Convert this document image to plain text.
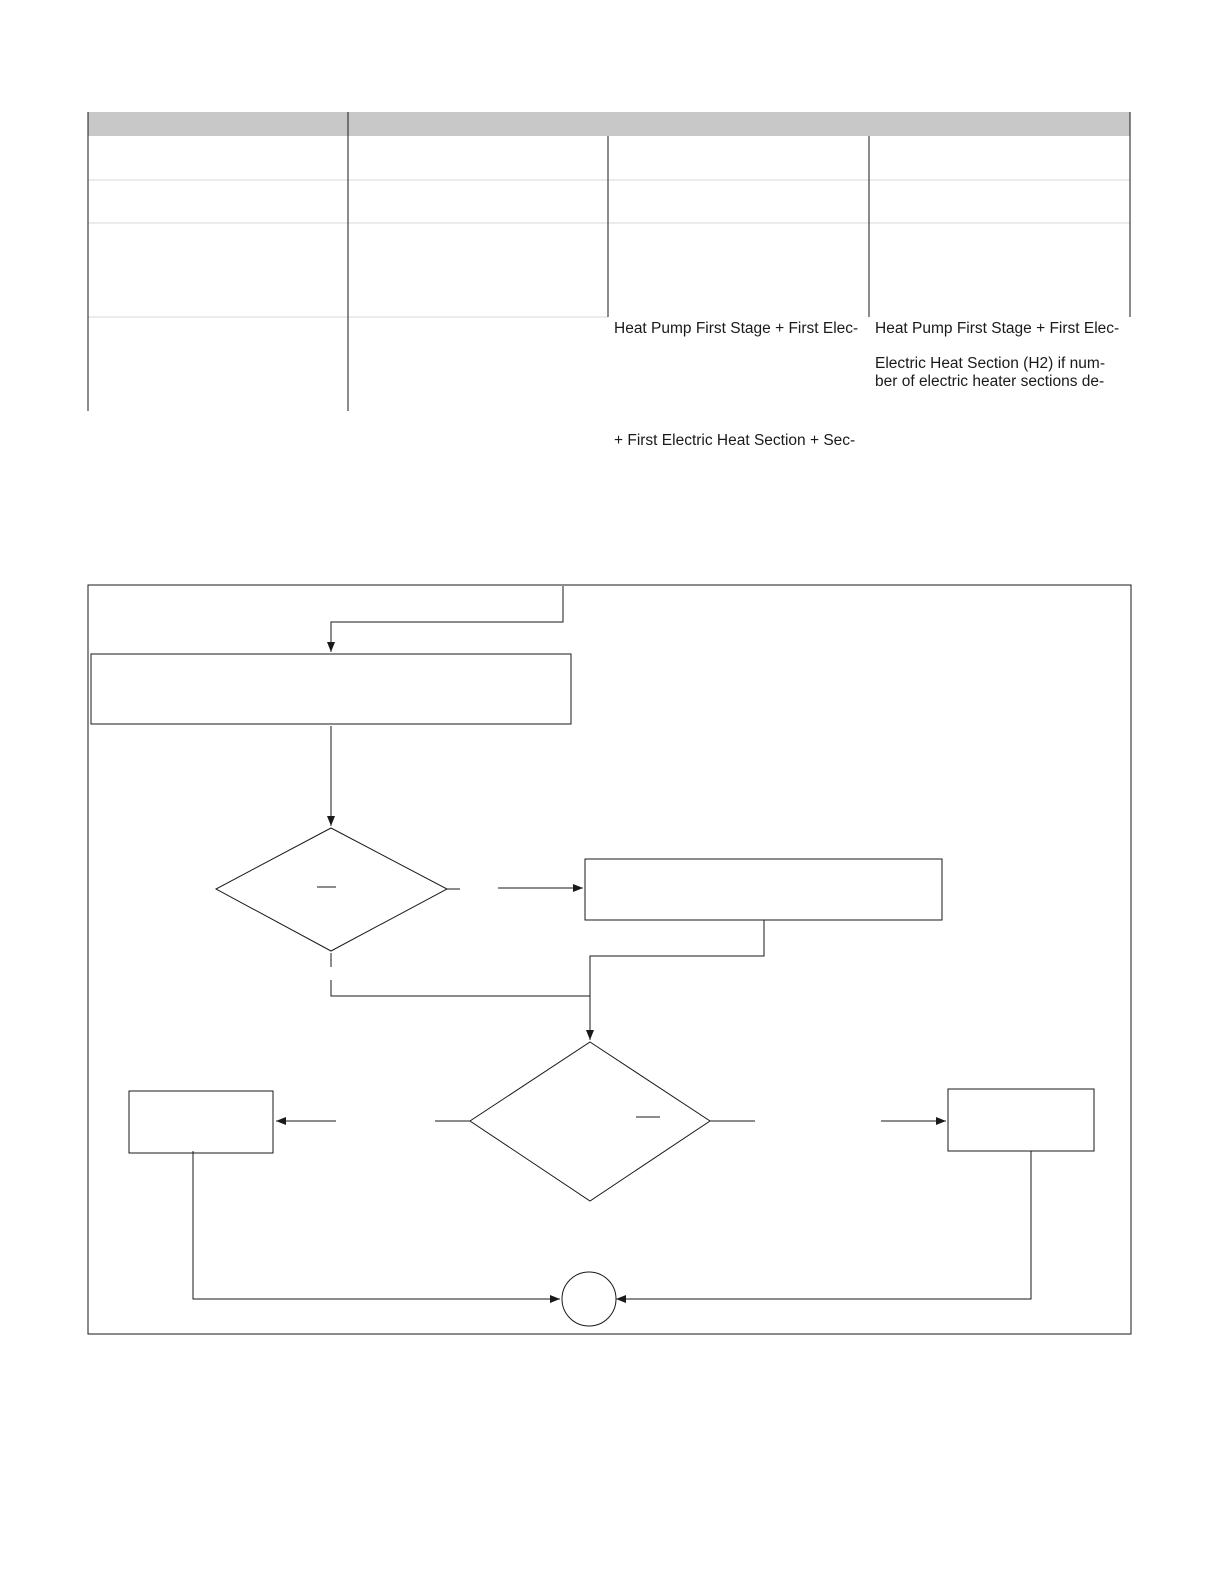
Heat Pump First Stage + First Elec-
+ First Electric Heat Section + Sec-
Heat Pump First Stage + First Elec-
Electric Heat Section (H2) if num-
ber of electric heater sections de-
